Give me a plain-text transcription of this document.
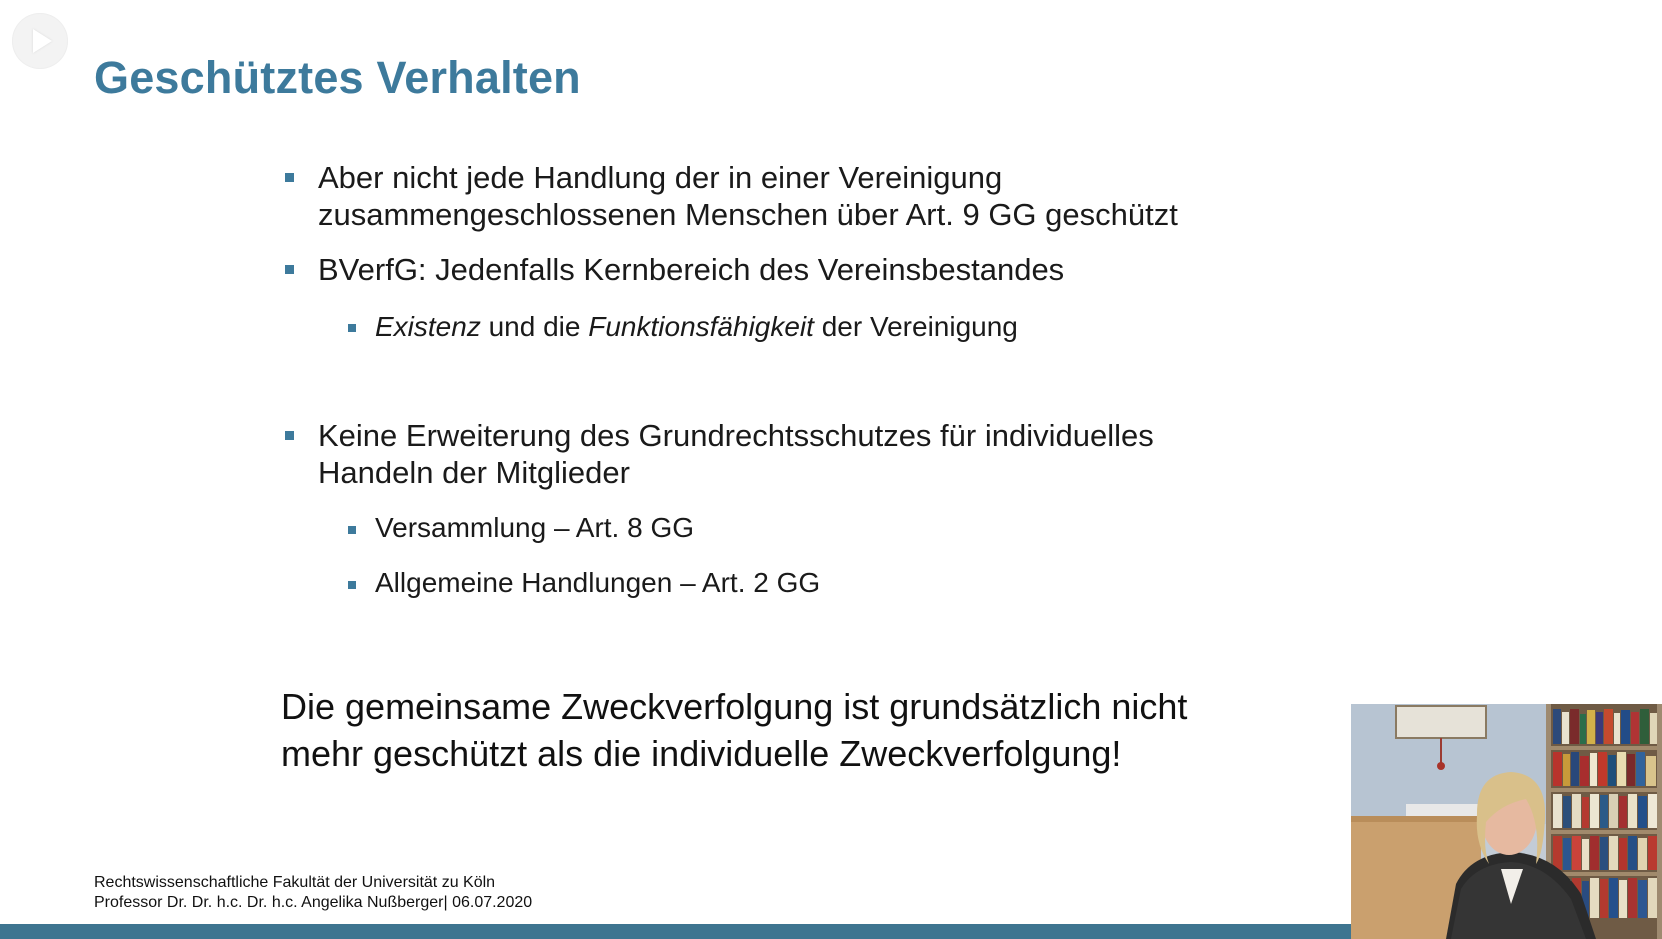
Geschütztes Verhalten
Aber nicht jede Handlung der in einer Vereinigung
zusammengeschlossenen Menschen über Art. 9 GG geschützt
BVerfG: Jedenfalls Kernbereich des Vereinsbestandes
Existenz und die Funktionsfähigkeit der Vereinigung
Keine Erweiterung des Grundrechtsschutzes für individuelles
Handeln der Mitglieder
Versammlung – Art. 8 GG
Allgemeine Handlungen – Art. 2 GG
Die gemeinsame Zweckverfolgung ist grundsätzlich nicht
mehr geschützt als die individuelle Zweckverfolgung!
Rechtswissenschaftliche Fakultät der Universität zu Köln
Professor Dr. Dr. h.c. Dr. h.c. Angelika Nußberger| 06.07.2020
